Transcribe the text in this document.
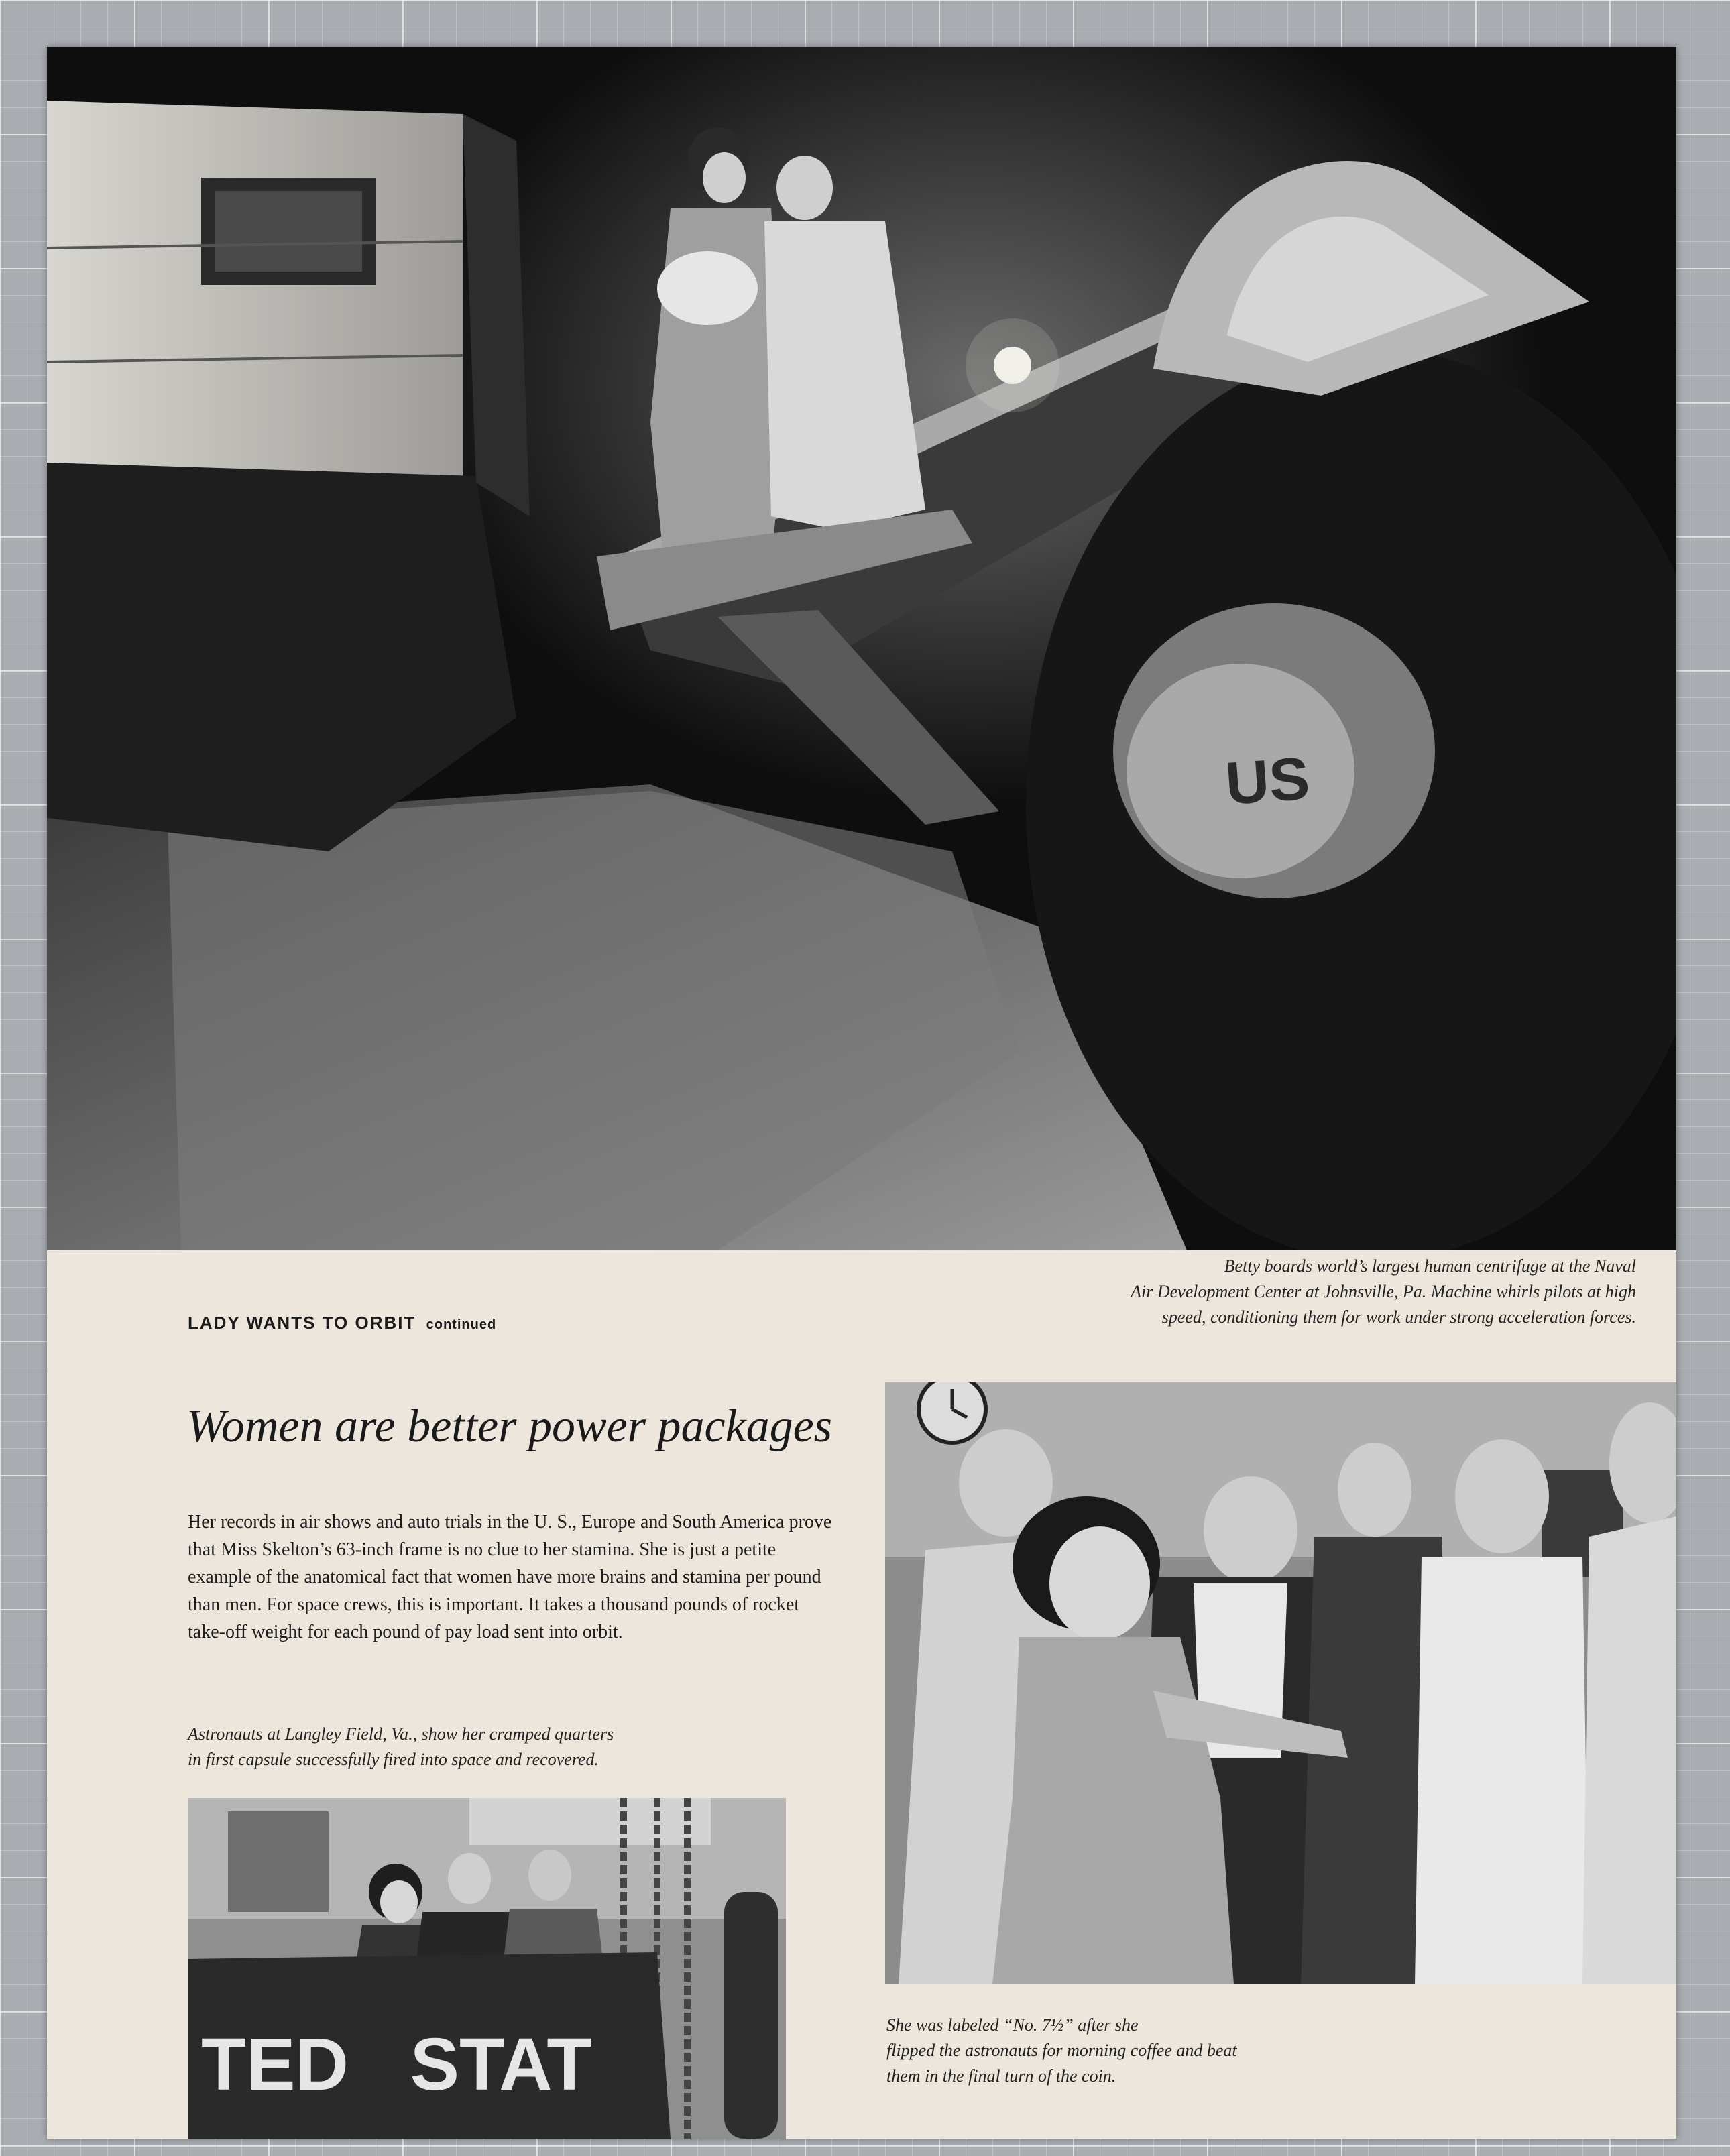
US
Betty boards world’s largest human centrifuge at the Naval
Air Development Center at Johnsville, Pa. Machine whirls pilots at high
speed, conditioning them for work under strong acceleration forces.
LADY WANTS TO ORBIT continued
Women are better power packages
Her records in air shows and auto trials in the U. S., Europe and South America prove that Miss Skelton’s 63-inch frame is no clue to her stamina. She is just a petite example of the anatomical fact that women have more brains and stamina per pound than men. For space crews, this is important. It takes a thousand pounds of rocket take-off weight for each pound of pay load sent into orbit.
Astronauts at Langley Field, Va., show her cramped quarters
in first capsule successfully fired into space and recovered.
TED   STAT	She was labeled “No. 7½” after she
flipped the astronauts for morning coffee and beat
them in the final turn of the coin.
